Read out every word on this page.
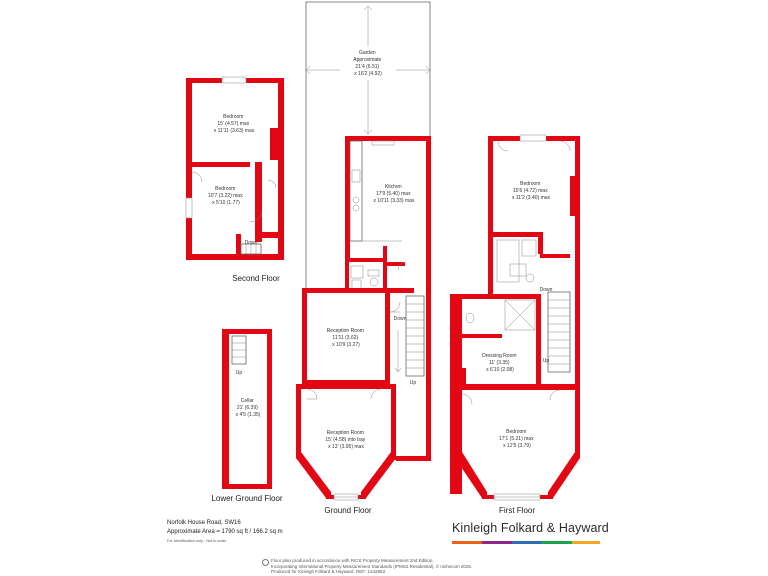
Garden Approximate 21'4 (6.51) x 16'2 (4.92)
Kitchen 17'9 (5.40) max x 10'11 (3.33) max
Reception Room 11'11 (3.62) x 10'9 (3.27)
Reception Room 15' (4.58) into bay x 13' (3.95) max
Bedroom 15' (4.57) max x 11'11 (3.63) max
Bedroom 10'7 (3.22) max x 5'10 (1.77)
Cellar 21' (6.39) x 4'5 (1.35)
Bedroom 15'6 (4.72) max x 11'2 (3.40) max
Dressing Room 11' (3.35) x 6'10 (2.08)
Bedroom 17'1 (5.21) max x 12'5 (3.79)
Down
Up
Down
Up
Down
Up
Second Floor
Lower Ground Floor
Ground Floor	First Floor
Norfolk House Road, SW16
Approximate Area = 1790 sq ft / 166.2 sq m
For identification only - Not to scale
Kinleigh Folkard & Hayward
Floor plan produced in accordance with RICS Property Measurement 2nd Edition,
Incorporating International Property Measurement Standards (IPMS2 Residential). © nichecom 2025.
Produced for Kinleigh Folkard & Hayward. REF: 1242853
